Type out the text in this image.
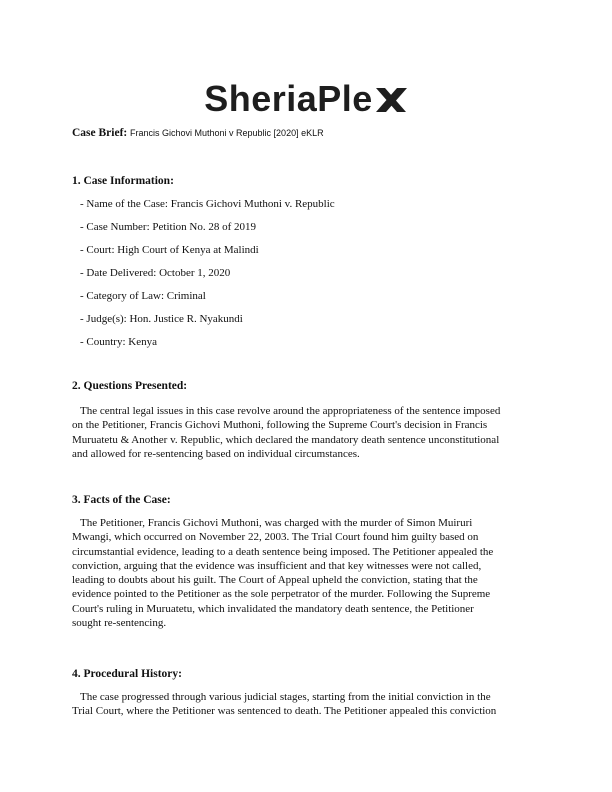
SheriaPle
Case Brief: Francis Gichovi Muthoni v Republic [2020] eKLR
1. Case Information:
- Name of the Case: Francis Gichovi Muthoni v. Republic
- Case Number: Petition No. 28 of 2019
- Court: High Court of Kenya at Malindi
- Date Delivered: October 1, 2020
- Category of Law: Criminal
- Judge(s): Hon. Justice R. Nyakundi
- Country: Kenya
2. Questions Presented:
The central legal issues in this case revolve around the appropriateness of the sentence imposed
on the Petitioner, Francis Gichovi Muthoni, following the Supreme Court's decision in Francis
Muruatetu & Another v. Republic, which declared the mandatory death sentence unconstitutional
and allowed for re-sentencing based on individual circumstances.
3. Facts of the Case:
The Petitioner, Francis Gichovi Muthoni, was charged with the murder of Simon Muiruri
Mwangi, which occurred on November 22, 2003. The Trial Court found him guilty based on
circumstantial evidence, leading to a death sentence being imposed. The Petitioner appealed the
conviction, arguing that the evidence was insufficient and that key witnesses were not called,
leading to doubts about his guilt. The Court of Appeal upheld the conviction, stating that the
evidence pointed to the Petitioner as the sole perpetrator of the murder. Following the Supreme
Court's ruling in Muruatetu, which invalidated the mandatory death sentence, the Petitioner
sought re-sentencing.
4. Procedural History:
The case progressed through various judicial stages, starting from the initial conviction in the
Trial Court, where the Petitioner was sentenced to death. The Petitioner appealed this conviction
